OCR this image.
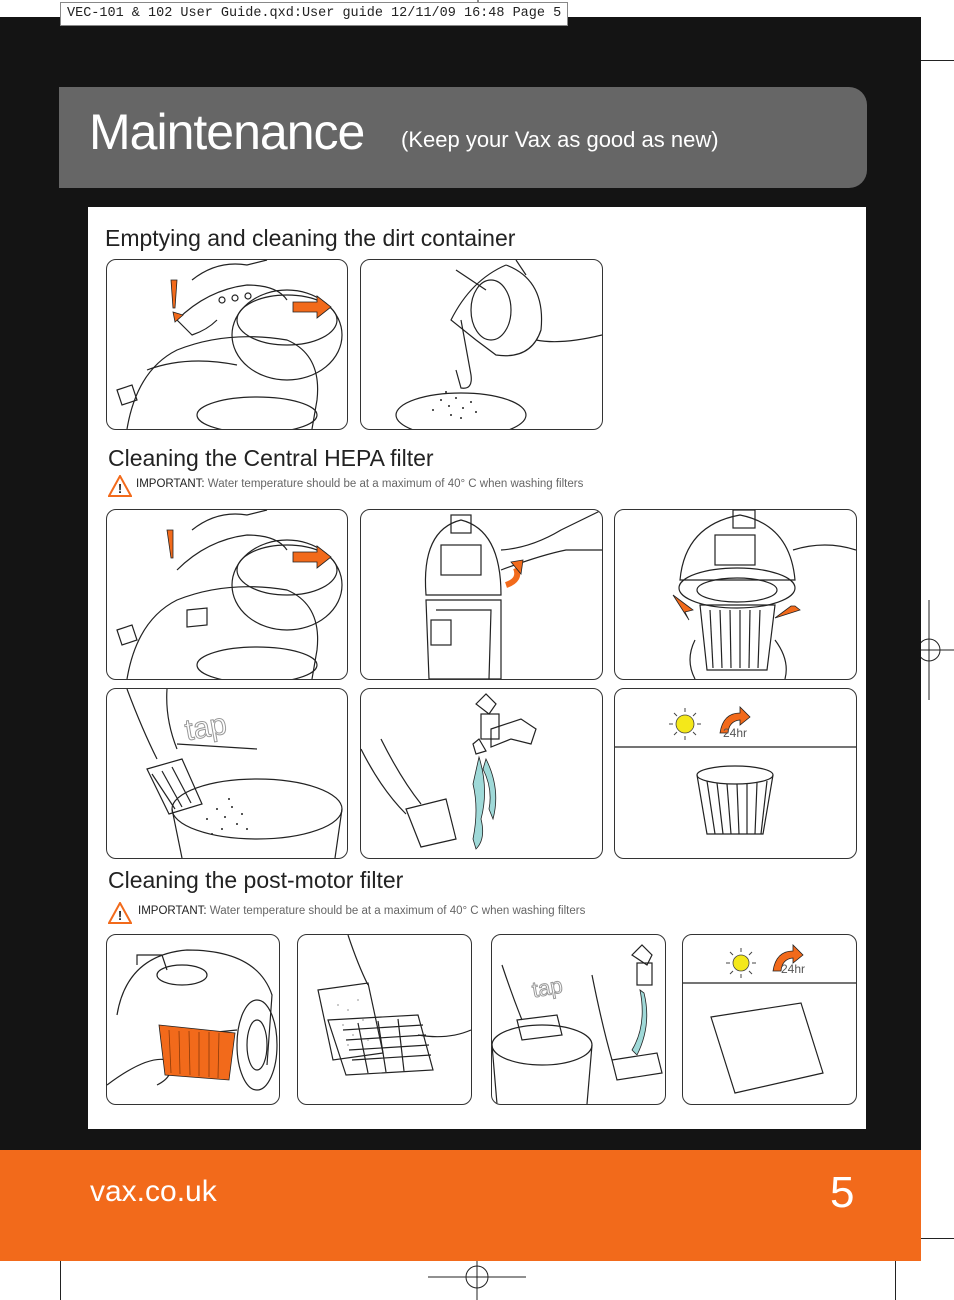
VEC-101 & 102 User Guide.qxd:User guide 12/11/09 16:48 Page 5
Maintenance (Keep your Vax as good as new)
Emptying and cleaning the dirt container
Cleaning the Central HEPA filter
! IMPORTANT: Water temperature should be at a maximum of 40° C when washing filters
tap	24hr
Cleaning the post-motor filter
! IMPORTANT: Water temperature should be at a maximum of 40° C when washing filters
tap
24hr
vax.co.uk	5
